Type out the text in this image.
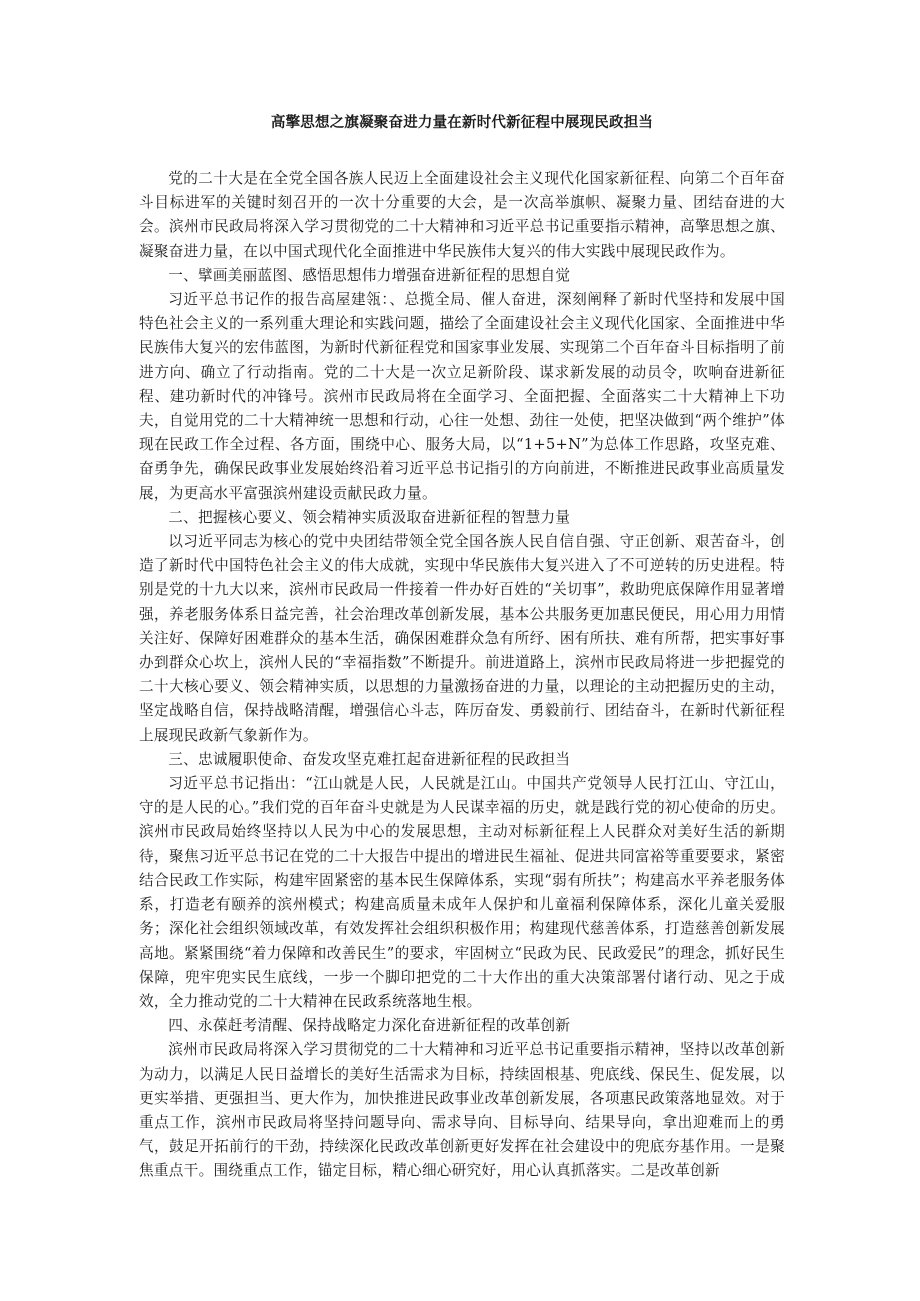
高擎思想之旗凝聚奋进力量在新时代新征程中展现民政担当

党的二十大是在全党全国各族人民迈上全面建设社会主义现代化国家新征程、向第二个百年奋斗目标进军的关键时刻召开的一次十分重要的大会，是一次高举旗帜、凝聚力量、团结奋进的大会。滨州市民政局将深入学习贯彻党的二十大精神和习近平总书记重要指示精神，高擎思想之旗、凝聚奋进力量，在以中国式现代化全面推进中华民族伟大复兴的伟大实践中展现民政作为。

一、擘画美丽蓝图、感悟思想伟力增强奋进新征程的思想自觉

习近平总书记作的报告高屋建瓴：、总揽全局、催人奋进，深刻阐释了新时代坚持和发展中国特色社会主义的一系列重大理论和实践问题，描绘了全面建设社会主义现代化国家、全面推进中华民族伟大复兴的宏伟蓝图，为新时代新征程党和国家事业发展、实现第二个百年奋斗目标指明了前进方向、确立了行动指南。党的二十大是一次立足新阶段、谋求新发展的动员令，吹响奋进新征程、建功新时代的冲锋号。滨州市民政局将在全面学习、全面把握、全面落实二十大精神上下功夫，自觉用党的二十大精神统一思想和行动，心往一处想、劲往一处使，把坚决做到“两个维护”体现在民政工作全过程、各方面，围绕中心、服务大局，以“1+5+N”为总体工作思路，攻坚克难、奋勇争先，确保民政事业发展始终沿着习近平总书记指引的方向前进，不断推进民政事业高质量发展，为更高水平富强滨州建设贡献民政力量。

二、把握核心要义、领会精神实质汲取奋进新征程的智慧力量

以习近平同志为核心的党中央团结带领全党全国各族人民自信自强、守正创新、艰苦奋斗，创造了新时代中国特色社会主义的伟大成就，实现中华民族伟大复兴进入了不可逆转的历史进程。特别是党的十九大以来，滨州市民政局一件接着一件办好百姓的“关切事”，救助兜底保障作用显著增强，养老服务体系日益完善，社会治理改革创新发展，基本公共服务更加惠民便民，用心用力用情关注好、保障好困难群众的基本生活，确保困难群众急有所纾、困有所扶、难有所帮，把实事好事办到群众心坎上，滨州人民的“幸福指数”不断提升。前进道路上，滨州市民政局将进一步把握党的二十大核心要义、领会精神实质，以思想的力量激扬奋进的力量，以理论的主动把握历史的主动，坚定战略自信，保持战略清醒，增强信心斗志，阵厉奋发、勇毅前行、团结奋斗，在新时代新征程上展现民政新气象新作为。

三、忠诚履职使命、奋发攻坚克难扛起奋进新征程的民政担当

习近平总书记指出：“江山就是人民，人民就是江山。中国共产党领导人民打江山、守江山，守的是人民的心。”我们党的百年奋斗史就是为人民谋幸福的历史，就是践行党的初心使命的历史。滨州市民政局始终坚持以人民为中心的发展思想，主动对标新征程上人民群众对美好生活的新期待，聚焦习近平总书记在党的二十大报告中提出的增进民生福祉、促进共同富裕等重要要求，紧密结合民政工作实际，构建牢固紧密的基本民生保障体系，实现“弱有所扶”；构建高水平养老服务体系，打造老有颐养的滨州模式；构建高质量未成年人保护和儿童福利保障体系，深化儿童关爱服务；深化社会组织领域改革，有效发挥社会组织积极作用；构建现代慈善体系，打造慈善创新发展高地。紧紧围绕“着力保障和改善民生”的要求，牢固树立“民政为民、民政爱民”的理念，抓好民生保障，兜牢兜实民生底线，一步一个脚印把党的二十大作出的重大决策部署付诸行动、见之于成效，全力推动党的二十大精神在民政系统落地生根。

四、永葆赶考清醒、保持战略定力深化奋进新征程的改革创新

滨州市民政局将深入学习贯彻党的二十大精神和习近平总书记重要指示精神，坚持以改革创新为动力，以满足人民日益增长的美好生活需求为目标，持续固根基、兜底线、保民生、促发展，以更实举措、更强担当、更大作为，加快推进民政事业改革创新发展，各项惠民政策落地显效。对于重点工作，滨州市民政局将坚持问题导向、需求导向、目标导向、结果导向，拿出迎难而上的勇气，鼓足开拓前行的干劲，持续深化民政改革创新更好发挥在社会建设中的兜底夯基作用。一是聚焦重点干。围绕重点工作，锚定目标，精心细心研究好，用心认真抓落实。二是改革创新
